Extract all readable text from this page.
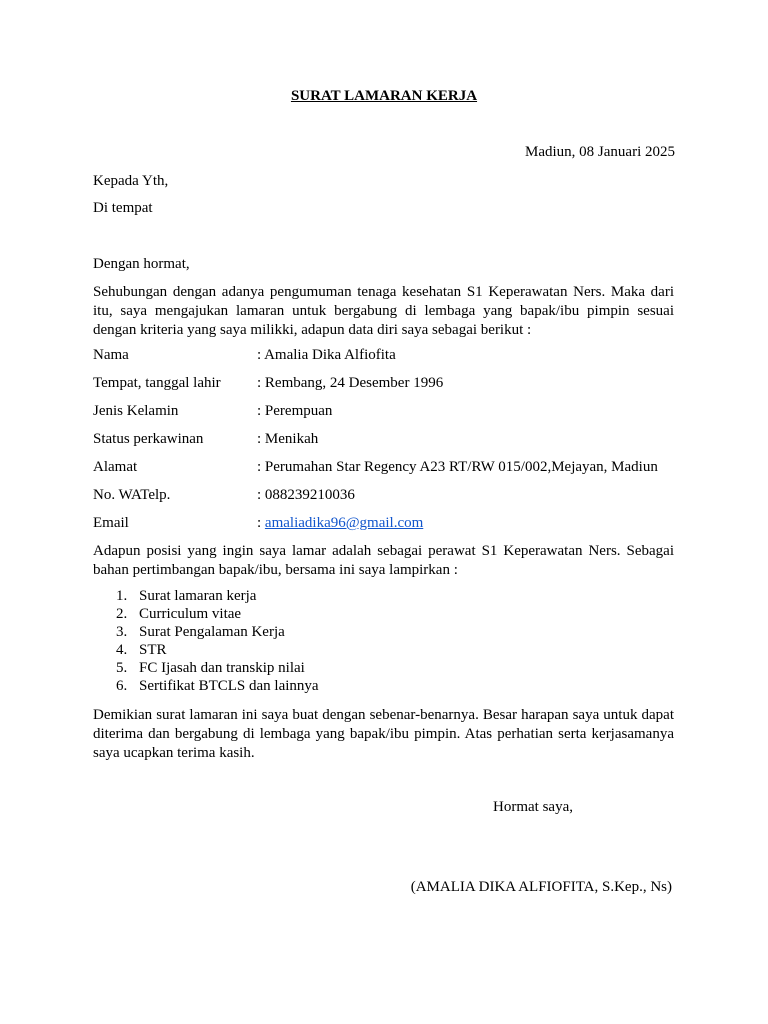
SURAT LAMARAN KERJA
Madiun, 08 Januari 2025
Kepada Yth,
Di tempat
Dengan hormat,
Sehubungan dengan adanya pengumuman tenaga kesehatan S1 Keperawatan Ners. Maka dari itu, saya mengajukan lamaran untuk bergabung di lembaga yang bapak/ibu pimpin sesuai dengan kriteria yang saya milikki, adapun data diri saya sebagai berikut :
Nama	: Amalia Dika Alfiofita
Tempat, tanggal lahir : Rembang, 24 Desember 1996
Jenis Kelamin	: Perempuan
Status perkawinan	: Menikah
Alamat	: Perumahan Star Regency A23 RT/RW 015/002,Mejayan, Madiun
No. WATelp.	: 088239210036
Email	: amaliadika96@gmail.com
Adapun posisi yang ingin saya lamar adalah sebagai perawat S1 Keperawatan Ners. Sebagai bahan pertimbangan bapak/ibu, bersama ini saya lampirkan :
1. Surat lamaran kerja
2. Curriculum vitae
3. Surat Pengalaman Kerja
4. STR
5. FC Ijasah dan transkip nilai
6. Sertifikat BTCLS dan lainnya
Demikian surat lamaran ini saya buat dengan sebenar-benarnya. Besar harapan saya untuk dapat diterima dan bergabung di lembaga yang bapak/ibu pimpin. Atas perhatian serta kerjasamanya saya ucapkan terima kasih.
Hormat saya,
(AMALIA DIKA ALFIOFITA, S.Kep., Ns)
